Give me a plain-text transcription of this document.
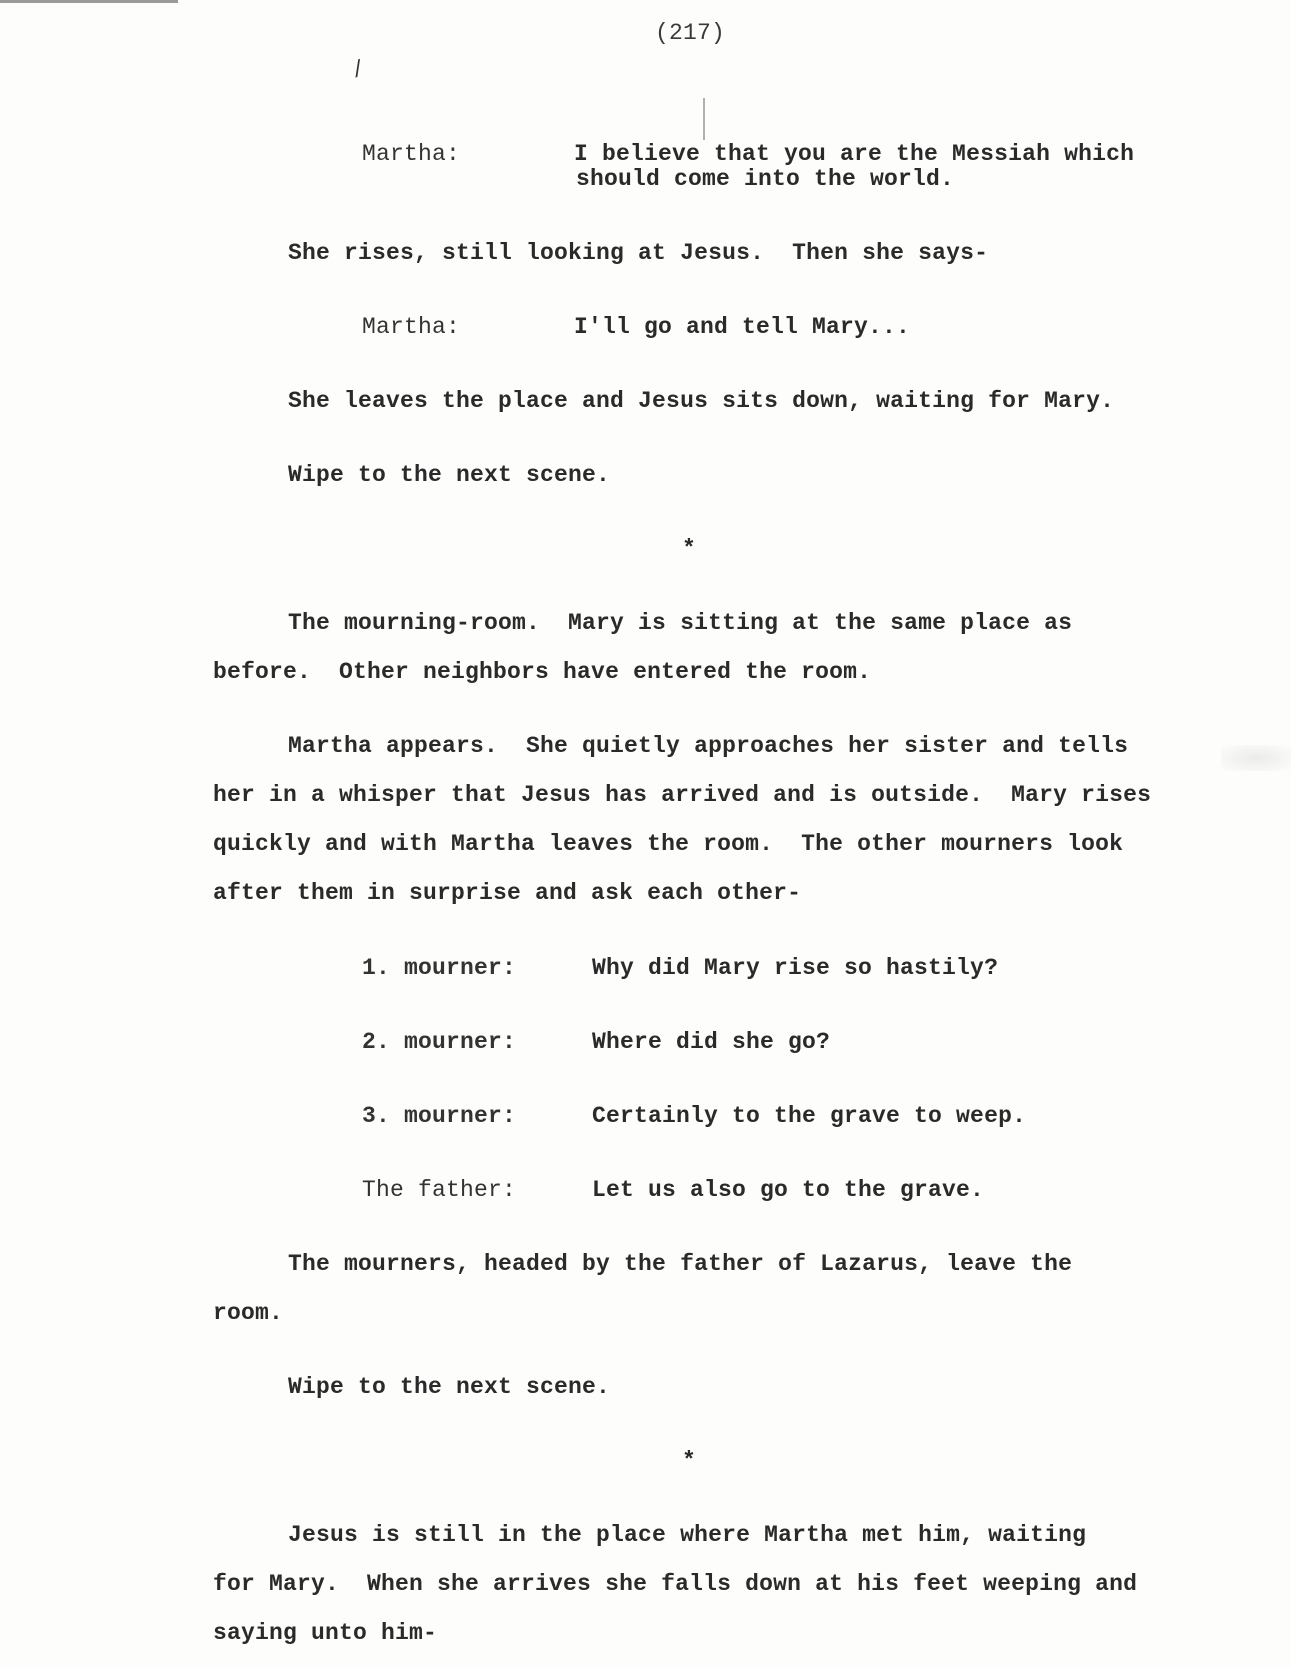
/
(217)
Martha:	I believe that you are the Messiah which
should come into the world.
She rises, still looking at Jesus.  Then she says-
Martha:	I'll go and tell Mary...
She leaves the place and Jesus sits down, waiting for Mary.
Wipe to the next scene.
*
The mourning-room.  Mary is sitting at the same place as
before.  Other neighbors have entered the room.
Martha appears.  She quietly approaches her sister and tells
her in a whisper that Jesus has arrived and is outside.  Mary rises
quickly and with Martha leaves the room.  The other mourners look
after them in surprise and ask each other-
1. mourner:	Why did Mary rise so hastily?
2. mourner:	Where did she go?
3. mourner:	Certainly to the grave to weep.
The father:	Let us also go to the grave.
The mourners, headed by the father of Lazarus, leave the
room.
Wipe to the next scene.
*
Jesus is still in the place where Martha met him, waiting
for Mary.  When she arrives she falls down at his feet weeping and
saying unto him-
